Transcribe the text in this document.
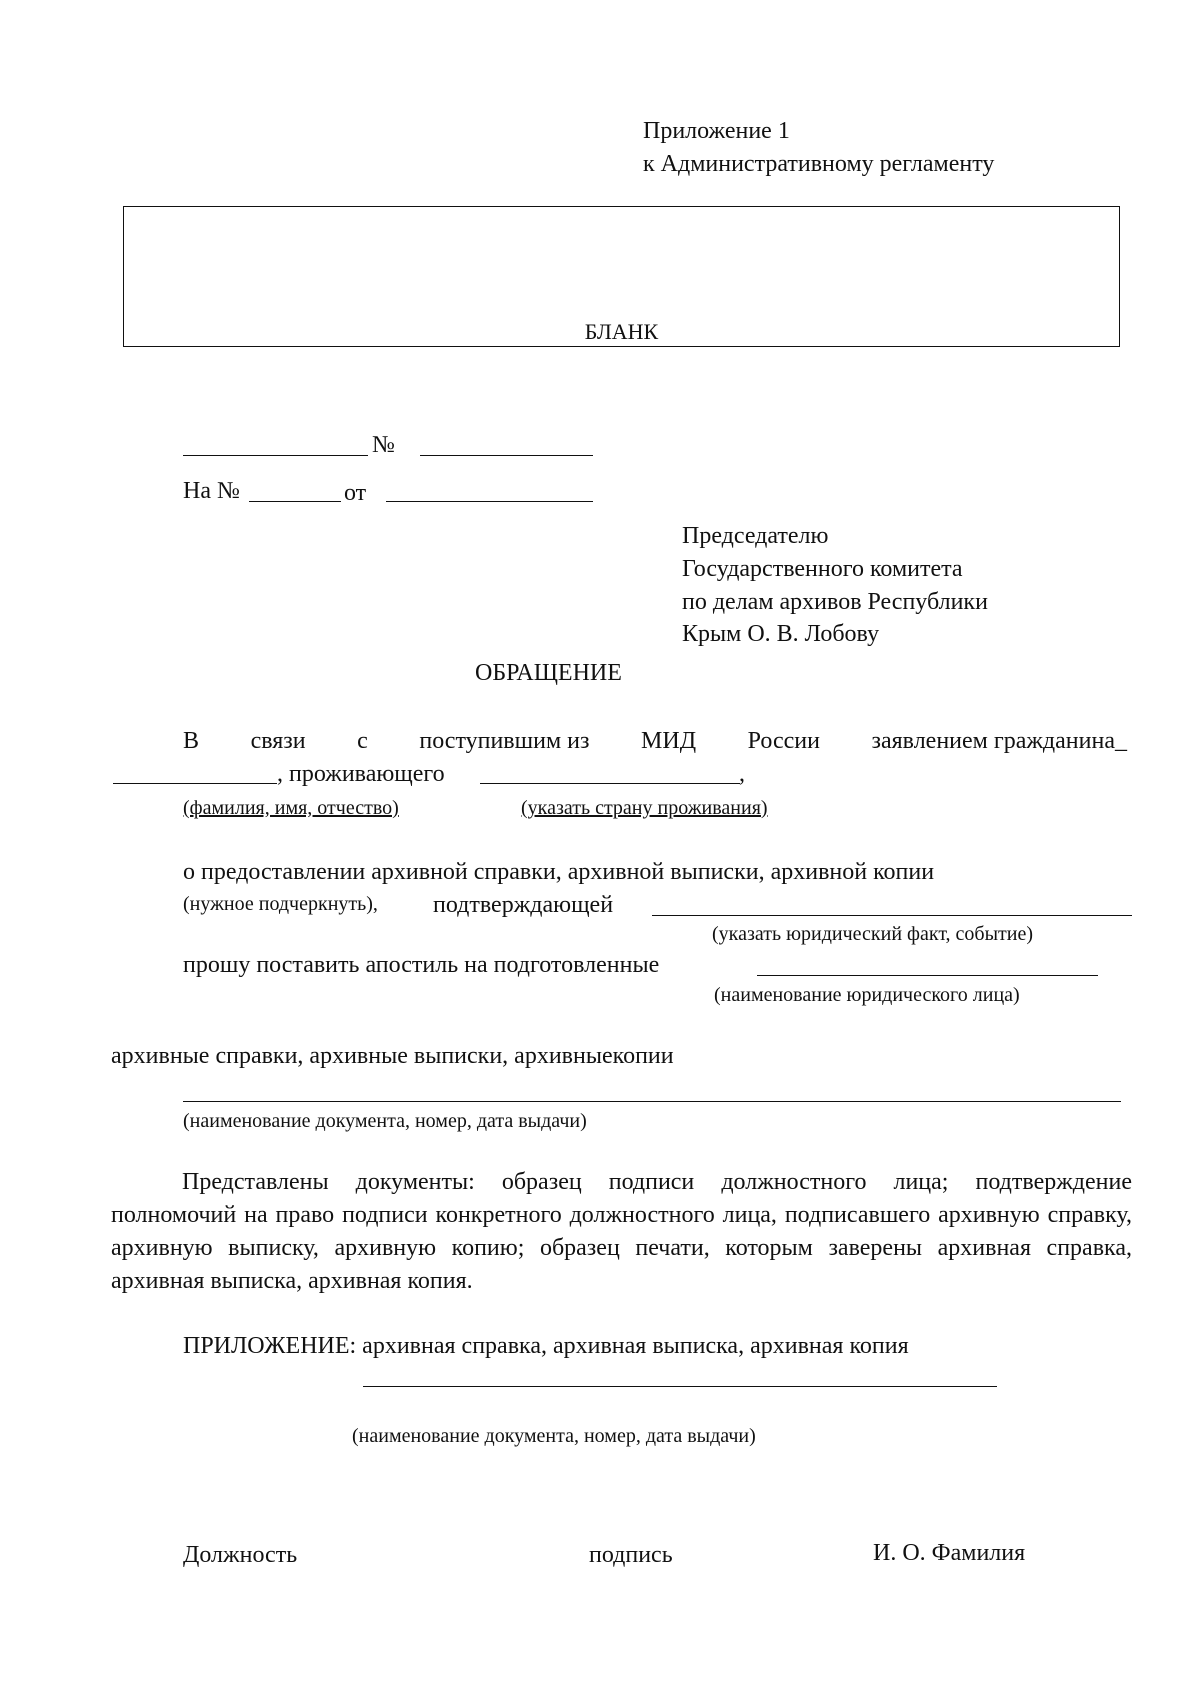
Приложение 1
к Административному регламенту
БЛАНК
№
На №	от
Председателю
Государственного комитета
по делам архивов Республики
Крым О. В. Лобову
ОБРАЩЕНИЕ
В связи с поступившим из МИД России заявлением гражданина_
, проживающего	,
(фамилия, имя, отчество)	(указать страну проживания)
о предоставлении архивной справки, архивной выписки, архивной копии
(нужное подчеркнуть), подтверждающей
(указать юридический факт, событие)
прошу поставить апостиль на подготовленные
(наименование юридического лица)
архивные справки, архивные выписки, архивныекопии
(наименование документа, номер, дата выдачи)
Представлены документы: образец подписи должностного лица; подтверждение полномочий на право подписи конкретного должностного лица, подписавшего архивную справку, архивную выписку, архивную копию; образец печати, которым заверены архивная справка, архивная выписка, архивная копия.
ПРИЛОЖЕНИЕ: архивная справка, архивная выписка, архивная копия
(наименование документа, номер, дата выдачи)
Должность	подпись	И. О. Фамилия
